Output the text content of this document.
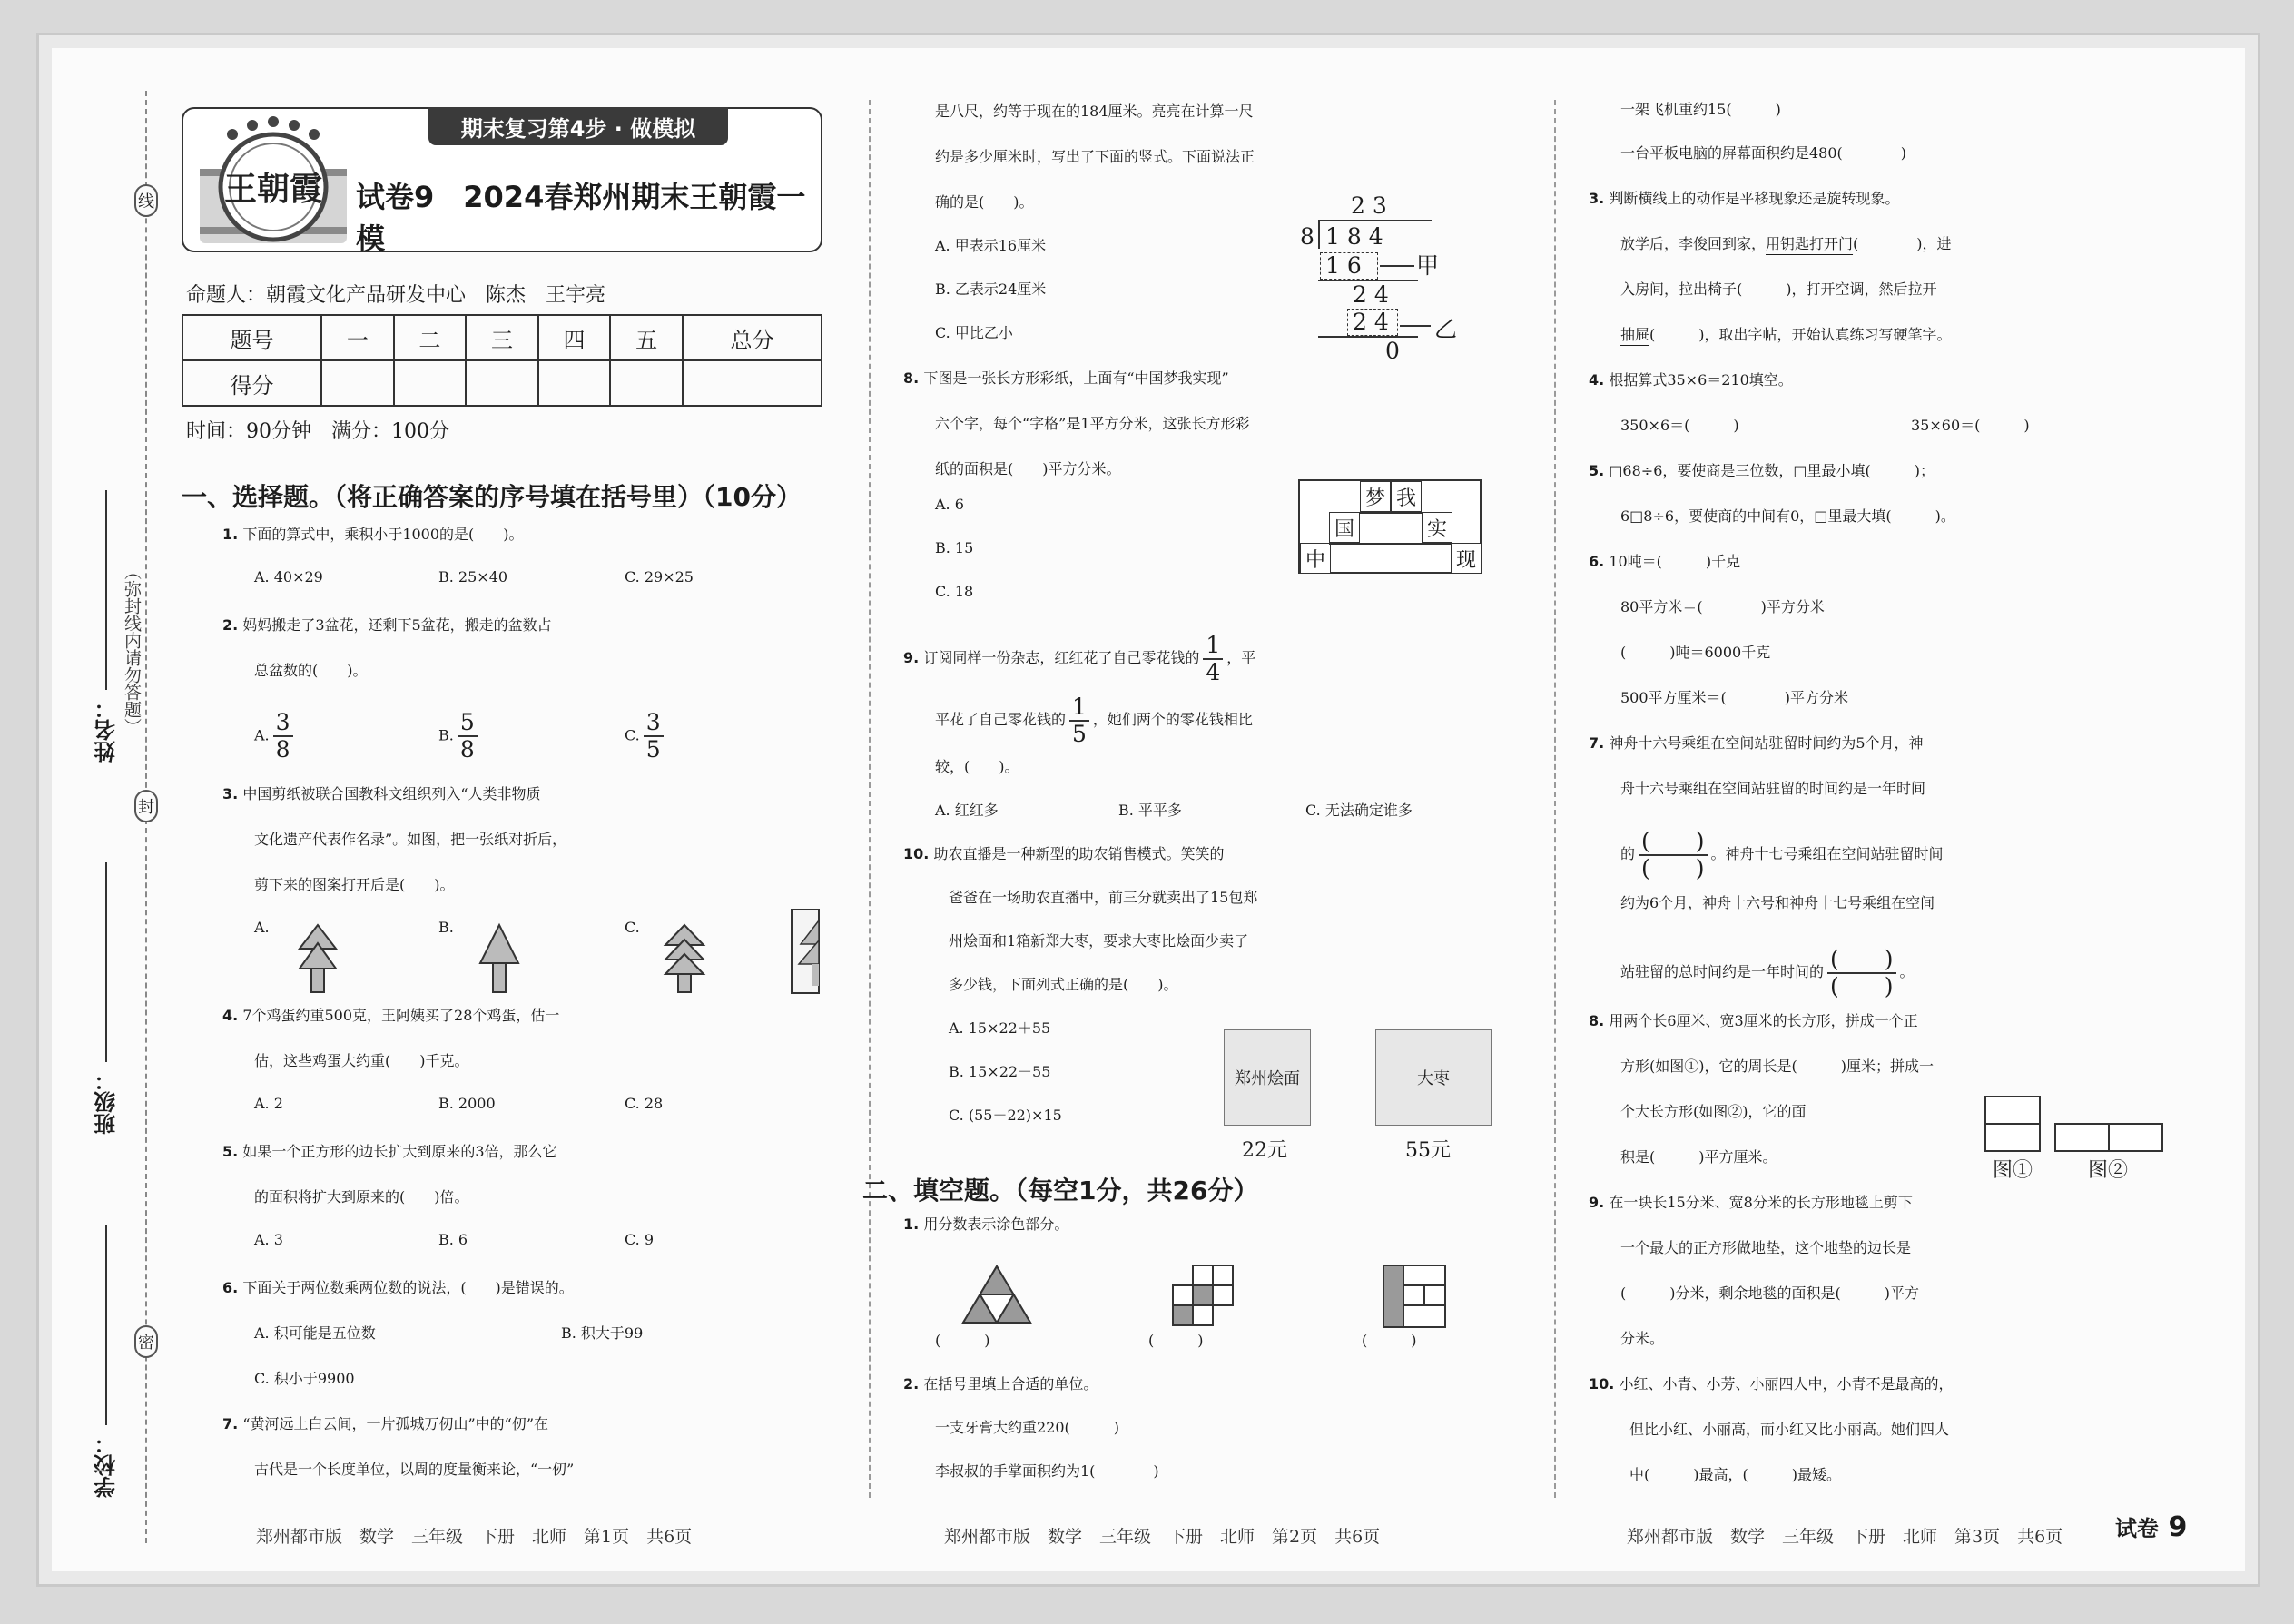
线
封
密
姓名：
班级：
学校：
（弥封线内请勿答题）
期末复习第4步 · 做模拟
王朝霞 试卷9　2024春郑州期末王朝霞一模
命题人：朝霞文化产品研发中心　陈杰　王宇亮
题号	一	二	三	四	五	总分
得分						
时间：90分钟　满分：100分
一、选择题。（将正确答案的序号填在括号里）（10分）
1. 下面的算式中，乘积小于1000的是(　　)。
A. 40×29	B. 25×40	C. 29×25
2. 妈妈搬走了3盆花，还剩下5盆花，搬走的盆数占
总盆数的(　　)。
A. $\frac{3}{8}$	B. $\frac{5}{8}$	C. $\frac{3}{5}$
3. 中国剪纸被联合国教科文组织列入“人类非物质
文化遗产代表作名录”。如图，把一张纸对折后，
剪下来的图案打开后是(　　)。
A.	B.	C.
4. 7个鸡蛋约重500克，王阿姨买了28个鸡蛋，估一
估，这些鸡蛋大约重(　　)千克。
A. 2	B. 2000	C. 28
5. 如果一个正方形的边长扩大到原来的3倍，那么它
的面积将扩大到原来的(　　)倍。
A. 3	B. 6	C. 9
6. 下面关于两位数乘两位数的说法，(　　)是错误的。
A. 积可能是五位数	B. 积大于99
C. 积小于9900
7. “黄河远上白云间，一片孤城万仞山”中的“仞”在
古代是一个长度单位，以周的度量衡来论，“一仞”
郑州都市版　数学　三年级　下册　北师　第1页　共6页
是八尺，约等于现在的184厘米。亮亮在计算一尺
约是多少厘米时，写出了下面的竖式。下面说法正
确的是(　　)。
A. 甲表示16厘米
B. 乙表示24厘米
C. 甲比乙小
2 3
8 1 8 4
1 6 甲
2 4
2 4 乙
0
8. 下图是一张长方形彩纸，上面有“中国梦我实现”
六个字，每个“字格”是1平方分米，这张长方形彩
纸的面积是(　　)平方分米。
A. 6
B. 15
C. 18
梦 我
国	实
中	现
9. 订阅同样一份杂志，红红花了自己零花钱的 $\frac{1}{4}$ ，平
平花了自己零花钱的 $\frac{1}{5}$ ，她们两个的零花钱相比
较，(　　)。
A. 红红多	B. 平平多	C. 无法确定谁多
10. 助农直播是一种新型的助农销售模式。笑笑的
爸爸在一场助农直播中，前三分就卖出了15包郑
州烩面和1箱新郑大枣，要求大枣比烩面少卖了
多少钱，下面列式正确的是(　　)。
A. 15×22＋55
B. 15×22－55
C. (55－22)×15
郑州烩面
22元
大枣
55元
二、填空题。（每空1分，共26分）
1. 用分数表示涂色部分。
(　　　)	(　　　)	(　　　)
2. 在括号里填上合适的单位。
一支牙膏大约重220(　　　)
李叔叔的手掌面积约为1(　　　　)
郑州都市版　数学　三年级　下册　北师　第2页　共6页
一架飞机重约15(　　　)
一台平板电脑的屏幕面积约是480(　　　　)
3. 判断横线上的动作是平移现象还是旋转现象。
放学后，李俊回到家，用钥匙打开门(　　　　)，进
入房间，拉出椅子(　　　)，打开空调，然后拉开
抽屉(　　　)，取出字帖，开始认真练习写硬笔字。
4. 根据算式35×6＝210填空。
350×6＝(　　　)	35×60＝(　　　)
5. □68÷6，要使商是三位数，□里最小填(　　　)；
6□8÷6，要使商的中间有0，□里最大填(　　　)。
6. 10吨＝(　　　)千克
80平方米＝(　　　　)平方分米
(　　　)吨＝6000千克
500平方厘米＝(　　　　)平方分米
7. 神舟十六号乘组在空间站驻留时间约为5个月，神
舟十六号乘组在空间站驻留的时间约是一年时间
的 $\frac{( )}{( )}$ 。神舟十七号乘组在空间站驻留时间
约为6个月，神舟十六号和神舟十七号乘组在空间
站驻留的总时间约是一年时间的 $\frac{( )}{( )}$ 。
8. 用两个长6厘米、宽3厘米的长方形，拼成一个正
方形(如图①)，它的周长是(　　　)厘米；拼成一
个大长方形(如图②)，它的面
积是(　　　)平方厘米。
图①	图②
9. 在一块长15分米、宽8分米的长方形地毯上剪下
一个最大的正方形做地垫，这个地垫的边长是
(　　　)分米，剩余地毯的面积是(　　　)平方
分米。
10. 小红、小青、小芳、小丽四人中，小青不是最高的，
但比小红、小丽高，而小红又比小丽高。她们四人
中(　　　)最高，(　　　)最矮。
郑州都市版　数学　三年级　下册　北师　第3页　共6页 试卷 9
